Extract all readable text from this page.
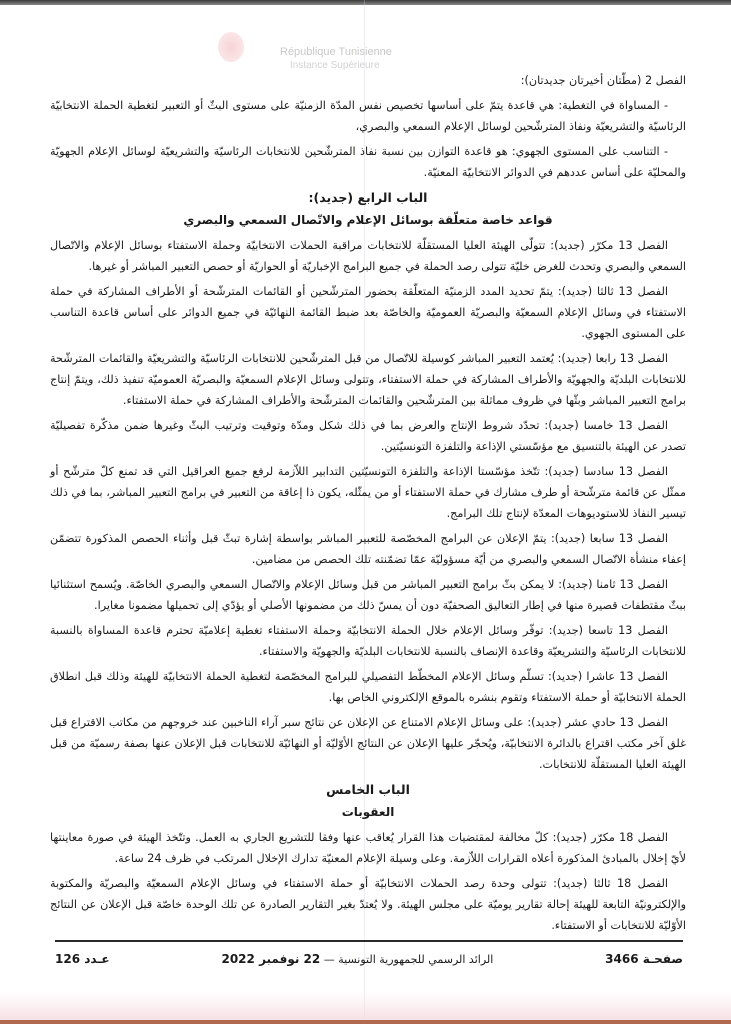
République Tunisienne
Instance Supérieure

الفصل 2 (مطّتان أخيرتان جديدتان):

- المساواة في التغطية: هي قاعدة يتمّ على أساسها تخصيص نفس المدّة الزمنيّة على مستوى البثّ أو التعبير لتغطية الحملة الانتخابيّة الرئاسيّة والتشريعيّة ونفاذ المترشّحين لوسائل الإعلام السمعي والبصري،

- التناسب على المستوى الجهوي: هو قاعدة التوازن بين نسبة نفاذ المترشّحين للانتخابات الرئاسيّة والتشريعيّة لوسائل الإعلام الجهويّة والمحليّة على أساس عددهم في الدوائر الانتخابيّة المعنيّة.

الباب الرابع (جديد):
قواعد خاصة متعلّقة بوسائل الإعلام والاتّصال السمعي والبصري

الفصل 13 مكرّر (جديد): تتولّى الهيئة العليا المستقلّة للانتخابات مراقبة الحملات الانتخابيّة وحملة الاستفتاء بوسائل الإعلام والاتّصال السمعي والبصري وتحدث للغرض خليّة تتولى رصد الحملة في جميع البرامج الإخباريّة أو الحواريّة أو حصص التعبير المباشر أو غيرها.

الفصل 13 ثالثا (جديد): يتمّ تحديد المدد الزمنيّة المتعلّقة بحضور المترشّحين أو القائمات المترشّحة أو الأطراف المشاركة في حملة الاستفتاء في وسائل الإعلام السمعيّة والبصريّة العموميّة والخاصّة بعد ضبط القائمة النهائيّة في جميع الدوائر على أساس قاعدة التناسب على المستوى الجهوي.

الفصل 13 رابعا (جديد): يُعتمد التعبير المباشر كوسيلة للاتّصال من قبل المترشّحين للانتخابات الرئاسيّة والتشريعيّة والقائمات المترشّحة للانتخابات البلديّة والجهويّة والأطراف المشاركة في حملة الاستفتاء، وتتولى وسائل الإعلام السمعيّة والبصريّة العموميّة تنفيذ ذلك، ويتمّ إنتاج برامج التعبير المباشر وبثّها في ظروف مماثلة بين المترشّحين والقائمات المترشّحة والأطراف المشاركة في حملة الاستفتاء.

الفصل 13 خامسا (جديد): تحدّد شروط الإنتاج والعرض بما في ذلك شكل ومدّة وتوقيت وترتيب البثّ وغيرها ضمن مذكّرة تفصيليّة تصدر عن الهيئة بالتنسيق مع مؤسّستي الإذاعة والتلفزة التونسيّتين.

الفصل 13 سادسا (جديد): تتّخذ مؤسّستا الإذاعة والتلفزة التونسيّتين التدابير اللاّزمة لرفع جميع العراقيل التي قد تمنع كلّ مترشّح أو ممثّل عن قائمة مترشّحة أو طرف مشارك في حملة الاستفتاء أو من يمثّله، يكون ذا إعاقة من التعبير في برامج التعبير المباشر، بما في ذلك تيسير النفاذ للاستوديوهات المعدّة لإنتاج تلك البرامج.

الفصل 13 سابعا (جديد): يتمّ الإعلان عن البرامج المخصّصة للتعبير المباشر بواسطة إشارة تبثّ قبل وأثناء الحصص المذكورة تتضمّن إعفاء منشأة الاتّصال السمعي والبصري من أيّة مسؤوليّة عمّا تضمّنته تلك الحصص من مضامين.

الفصل 13 ثامنا (جديد): لا يمكن بثّ برامج التعبير المباشر من قبل وسائل الإعلام والاتّصال السمعي والبصري الخاصّة. ويُسمح استثنائيا ببثّ مقتطفات قصيرة منها في إطار التعاليق الصحفيّة دون أن يمسّ ذلك من مضمونها الأصلي أو يؤدّي إلى تحميلها مضمونا مغايرا.

الفصل 13 تاسعا (جديد): توفّر وسائل الإعلام خلال الحملة الانتخابيّة وحملة الاستفتاء تغطية إعلاميّة تحترم قاعدة المساواة بالنسبة للانتخابات الرئاسيّة والتشريعيّة وقاعدة الإنصاف بالنسبة للانتخابات البلديّة والجهويّة والاستفتاء.

الفصل 13 عاشرا (جديد): تسلّم وسائل الإعلام المخطّط التفصيلي للبرامج المخصّصة لتغطية الحملة الانتخابيّة للهيئة وذلك قبل انطلاق الحملة الانتخابيّة أو حملة الاستفتاء وتقوم بنشره بالموقع الإلكتروني الخاص بها.

الفصل 13 حادي عشر (جديد): على وسائل الإعلام الامتناع عن الإعلان عن نتائج سبر آراء الناخبين عند خروجهم من مكاتب الاقتراع قبل غلق آخر مكتب اقتراع بالدائرة الانتخابيّة، ويُحجّر عليها الإعلان عن النتائج الأوّليّة أو النهائيّة للانتخابات قبل الإعلان عنها بصفة رسميّة من قبل الهيئة العليا المستقلّة للانتخابات.

الباب الخامس
العقوبات

الفصل 18 مكرّر (جديد): كلّ مخالفة لمقتضيات هذا القرار يُعاقب عنها وفقا للتشريع الجاري به العمل. وتتّخذ الهيئة في صورة معاينتها لأيّ إخلال بالمبادئ المذكورة أعلاه القرارات اللاّزمة. وعلى وسيلة الإعلام المعنيّة تدارك الإخلال المرتكب في ظرف 24 ساعة.

الفصل 18 ثالثا (جديد): تتولى وحدة رصد الحملات الانتخابيّة أو حملة الاستفتاء في وسائل الإعلام السمعيّة والبصريّة والمكتوبة والإلكترونيّة التابعة للهيئة إحالة تقارير يوميّة على مجلس الهيئة. ولا يُعتدّ بغير التقارير الصادرة عن تلك الوحدة خاصّة قبل الإعلان عن النتائج الأوّليّة للانتخابات أو الاستفتاء.

صفحـة 3466
الرائد الرسمي للجمهورية التونسية — 22 نوفمبر 2022
عـدد 126
